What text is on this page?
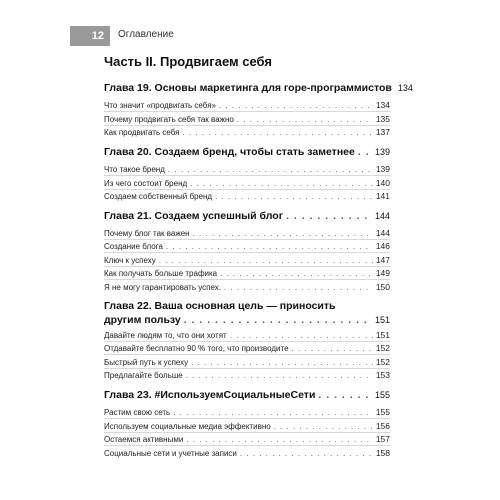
12	Оглавление
Часть II. Продвигаем себя
Глава 19. Основы маркетинга для горе-программистов 134
Что значит «продвигать себя» . . .	134
Почему продвигать себя так важно . . .	135
Как продвигать себя . . .	137
Глава 20. Создаем бренд, чтобы стать заметнее . . . 139
Что такое бренд . . .	139
Из чего состоит бренд . . .	140
Создаем собственный бренд . . .	141
Глава 21. Создаем успешный блог . . .	144
Почему блог так важен . . .	144
Создание блога . . .	146
Ключ к успеху . . .	147
Как получать больше трафика . . .	149
Я не могу гарантировать успех. . . .	150
Глава 22. Ваша основная цель — приносить
другим пользу . . .	151
Давайте людям то, что они хотят . . .	151
Отдавайте бесплатно 90 % того, что производите . . .	152
Быстрый путь к успеху . . .	152
Предлагайте больше . . .	153
Глава 23. #ИспользуемСоциальныеСети . . .	155
Растим свою сеть . . .	155
Используем социальные медиа эффективно . . .	156
Остаемся активными . . .	157
Социальные сети и учетные записи . . .	158
